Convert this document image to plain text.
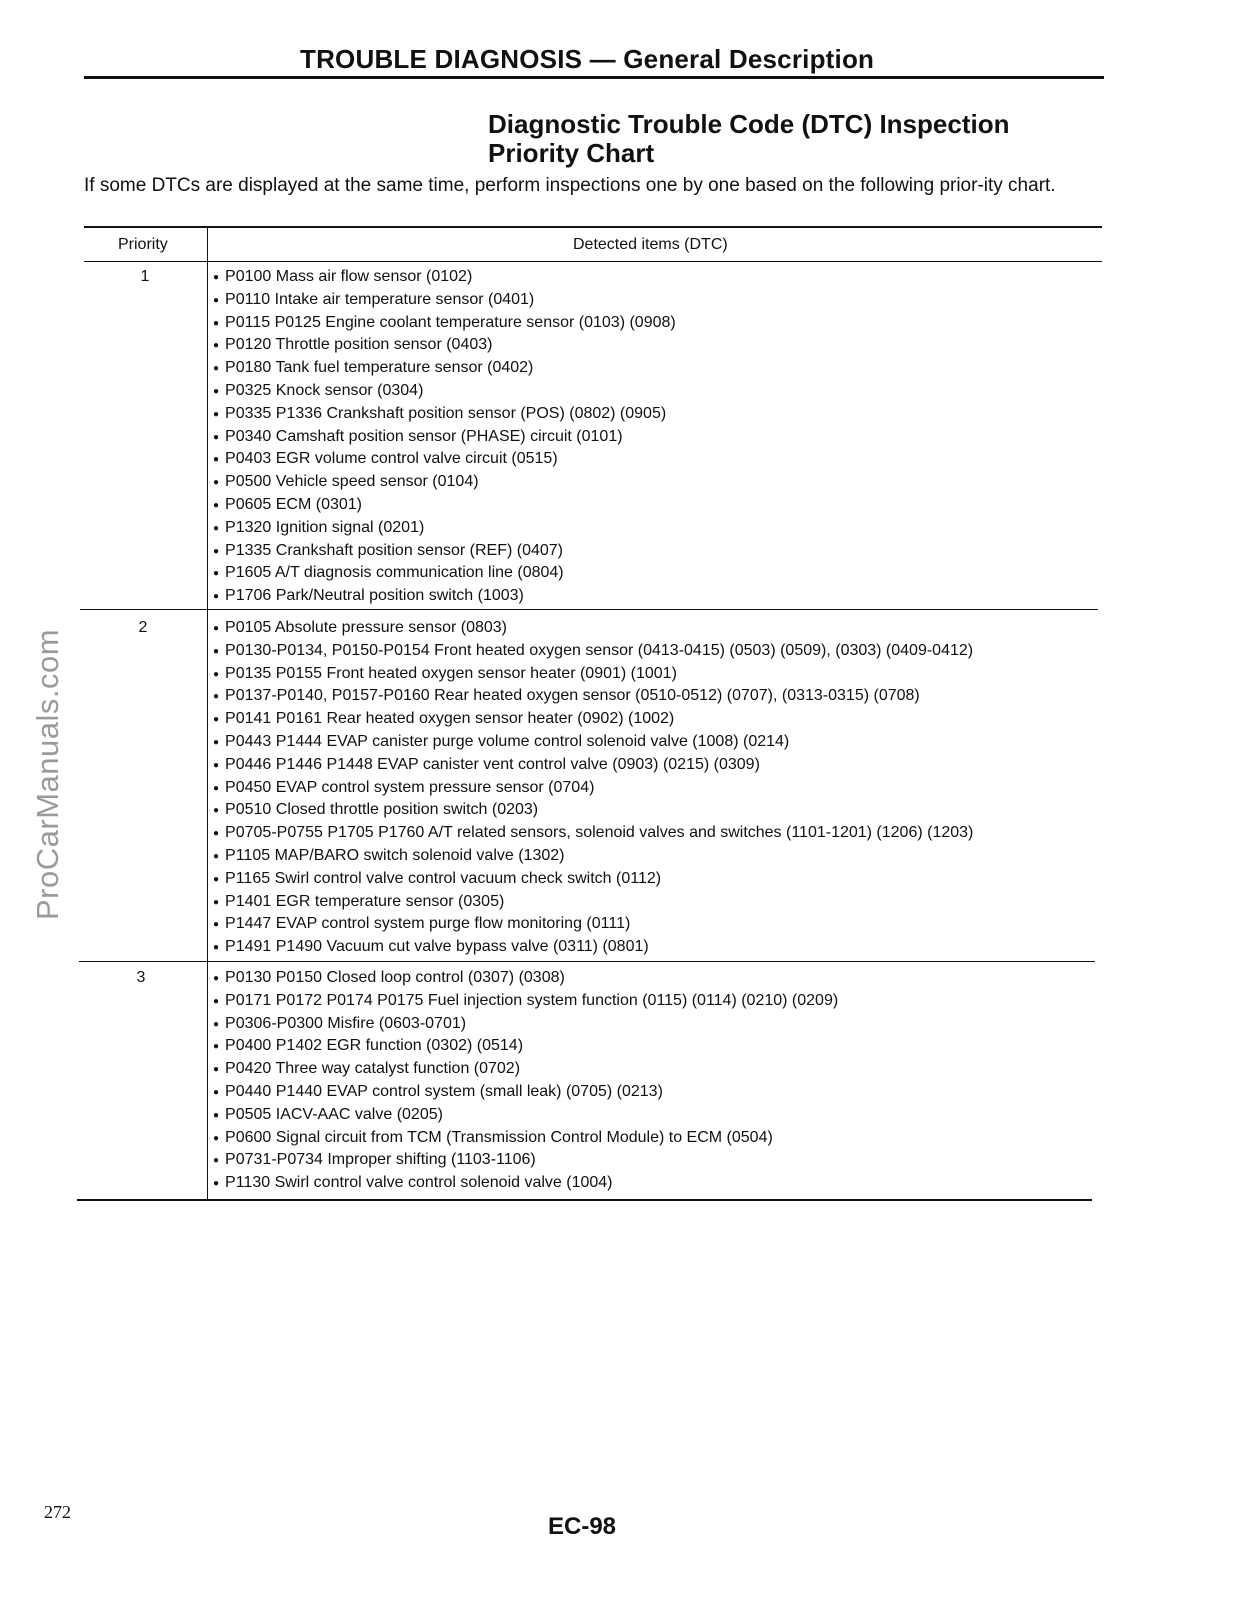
TROUBLE DIAGNOSIS — General Description
Diagnostic Trouble Code (DTC) Inspection
Priority Chart
If some DTCs are displayed at the same time, perform inspections one by one based on the following prior-ity chart.
Priority	Detected items (DTC)
1	● P0100 Mass air flow sensor (0102)
● P0110 Intake air temperature sensor (0401)
● P0115 P0125 Engine coolant temperature sensor (0103) (0908)
● P0120 Throttle position sensor (0403)
● P0180 Tank fuel temperature sensor (0402)
● P0325 Knock sensor (0304)
● P0335 P1336 Crankshaft position sensor (POS) (0802) (0905)
● P0340 Camshaft position sensor (PHASE) circuit (0101)
● P0403 EGR volume control valve circuit (0515)
● P0500 Vehicle speed sensor (0104)
● P0605 ECM (0301)
● P1320 Ignition signal (0201)
● P1335 Crankshaft position sensor (REF) (0407)
● P1605 A/T diagnosis communication line (0804)
● P1706 Park/Neutral position switch (1003)
2	● P0105 Absolute pressure sensor (0803)
● P0130-P0134, P0150-P0154 Front heated oxygen sensor (0413-0415) (0503) (0509), (0303) (0409-0412)
● P0135 P0155 Front heated oxygen sensor heater (0901) (1001)
● P0137-P0140, P0157-P0160 Rear heated oxygen sensor (0510-0512) (0707), (0313-0315) (0708)
● P0141 P0161 Rear heated oxygen sensor heater (0902) (1002)
● P0443 P1444 EVAP canister purge volume control solenoid valve (1008) (0214)
● P0446 P1446 P1448 EVAP canister vent control valve (0903) (0215) (0309)
● P0450 EVAP control system pressure sensor (0704)
● P0510 Closed throttle position switch (0203)
● P0705-P0755 P1705 P1760 A/T related sensors, solenoid valves and switches (1101-1201) (1206) (1203)
● P1105 MAP/BARO switch solenoid valve (1302)
● P1165 Swirl control valve control vacuum check switch (0112)
● P1401 EGR temperature sensor (0305)
● P1447 EVAP control system purge flow monitoring (0111)
● P1491 P1490 Vacuum cut valve bypass valve (0311) (0801)
3	● P0130 P0150 Closed loop control (0307) (0308)
● P0171 P0172 P0174 P0175 Fuel injection system function (0115) (0114) (0210) (0209)
● P0306-P0300 Misfire (0603-0701)
● P0400 P1402 EGR function (0302) (0514)
● P0420 Three way catalyst function (0702)
● P0440 P1440 EVAP control system (small leak) (0705) (0213)
● P0505 IACV-AAC valve (0205)
● P0600 Signal circuit from TCM (Transmission Control Module) to ECM (0504)
● P0731-P0734 Improper shifting (1103-1106)
● P1130 Swirl control valve control solenoid valve (1004)
ProCarManuals.com
272
EC-98
